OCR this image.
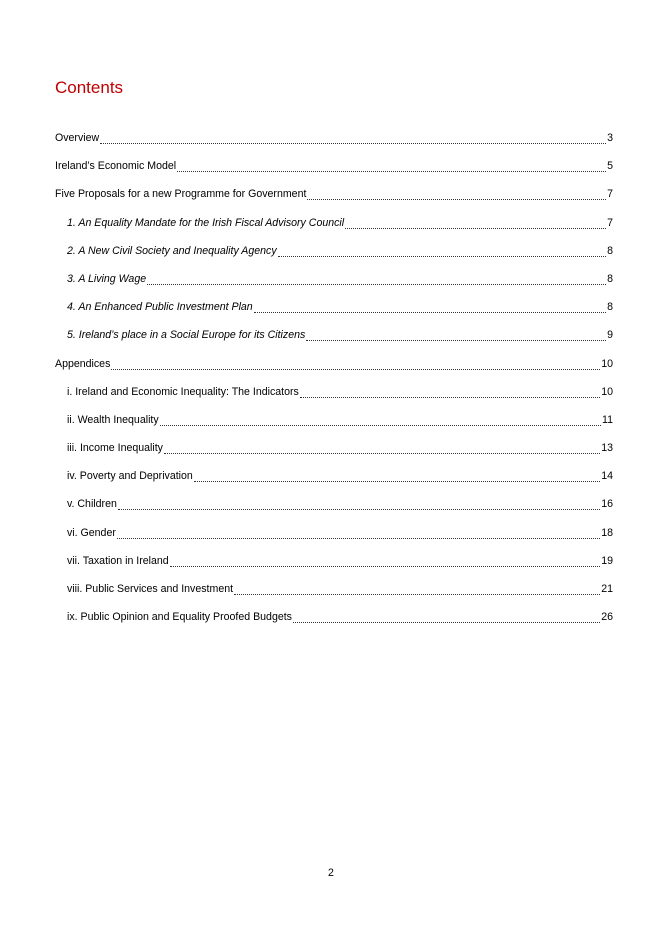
Contents
Overview	3
Ireland’s Economic Model	5
Five Proposals for a new Programme for Government	7
1. An Equality Mandate for the Irish Fiscal Advisory Council	7
2. A New Civil Society and Inequality Agency	8
3. A Living Wage	8
4. An Enhanced Public Investment Plan	8
5. Ireland’s place in a Social Europe for its Citizens	9
Appendices	10
i. Ireland and Economic Inequality: The Indicators	10
ii. Wealth Inequality	11
iii. Income Inequality	13
iv. Poverty and Deprivation	14
v. Children	16
vi. Gender	18
vii. Taxation in Ireland	19
viii. Public Services and Investment	21
ix. Public Opinion and Equality Proofed Budgets	26
2
